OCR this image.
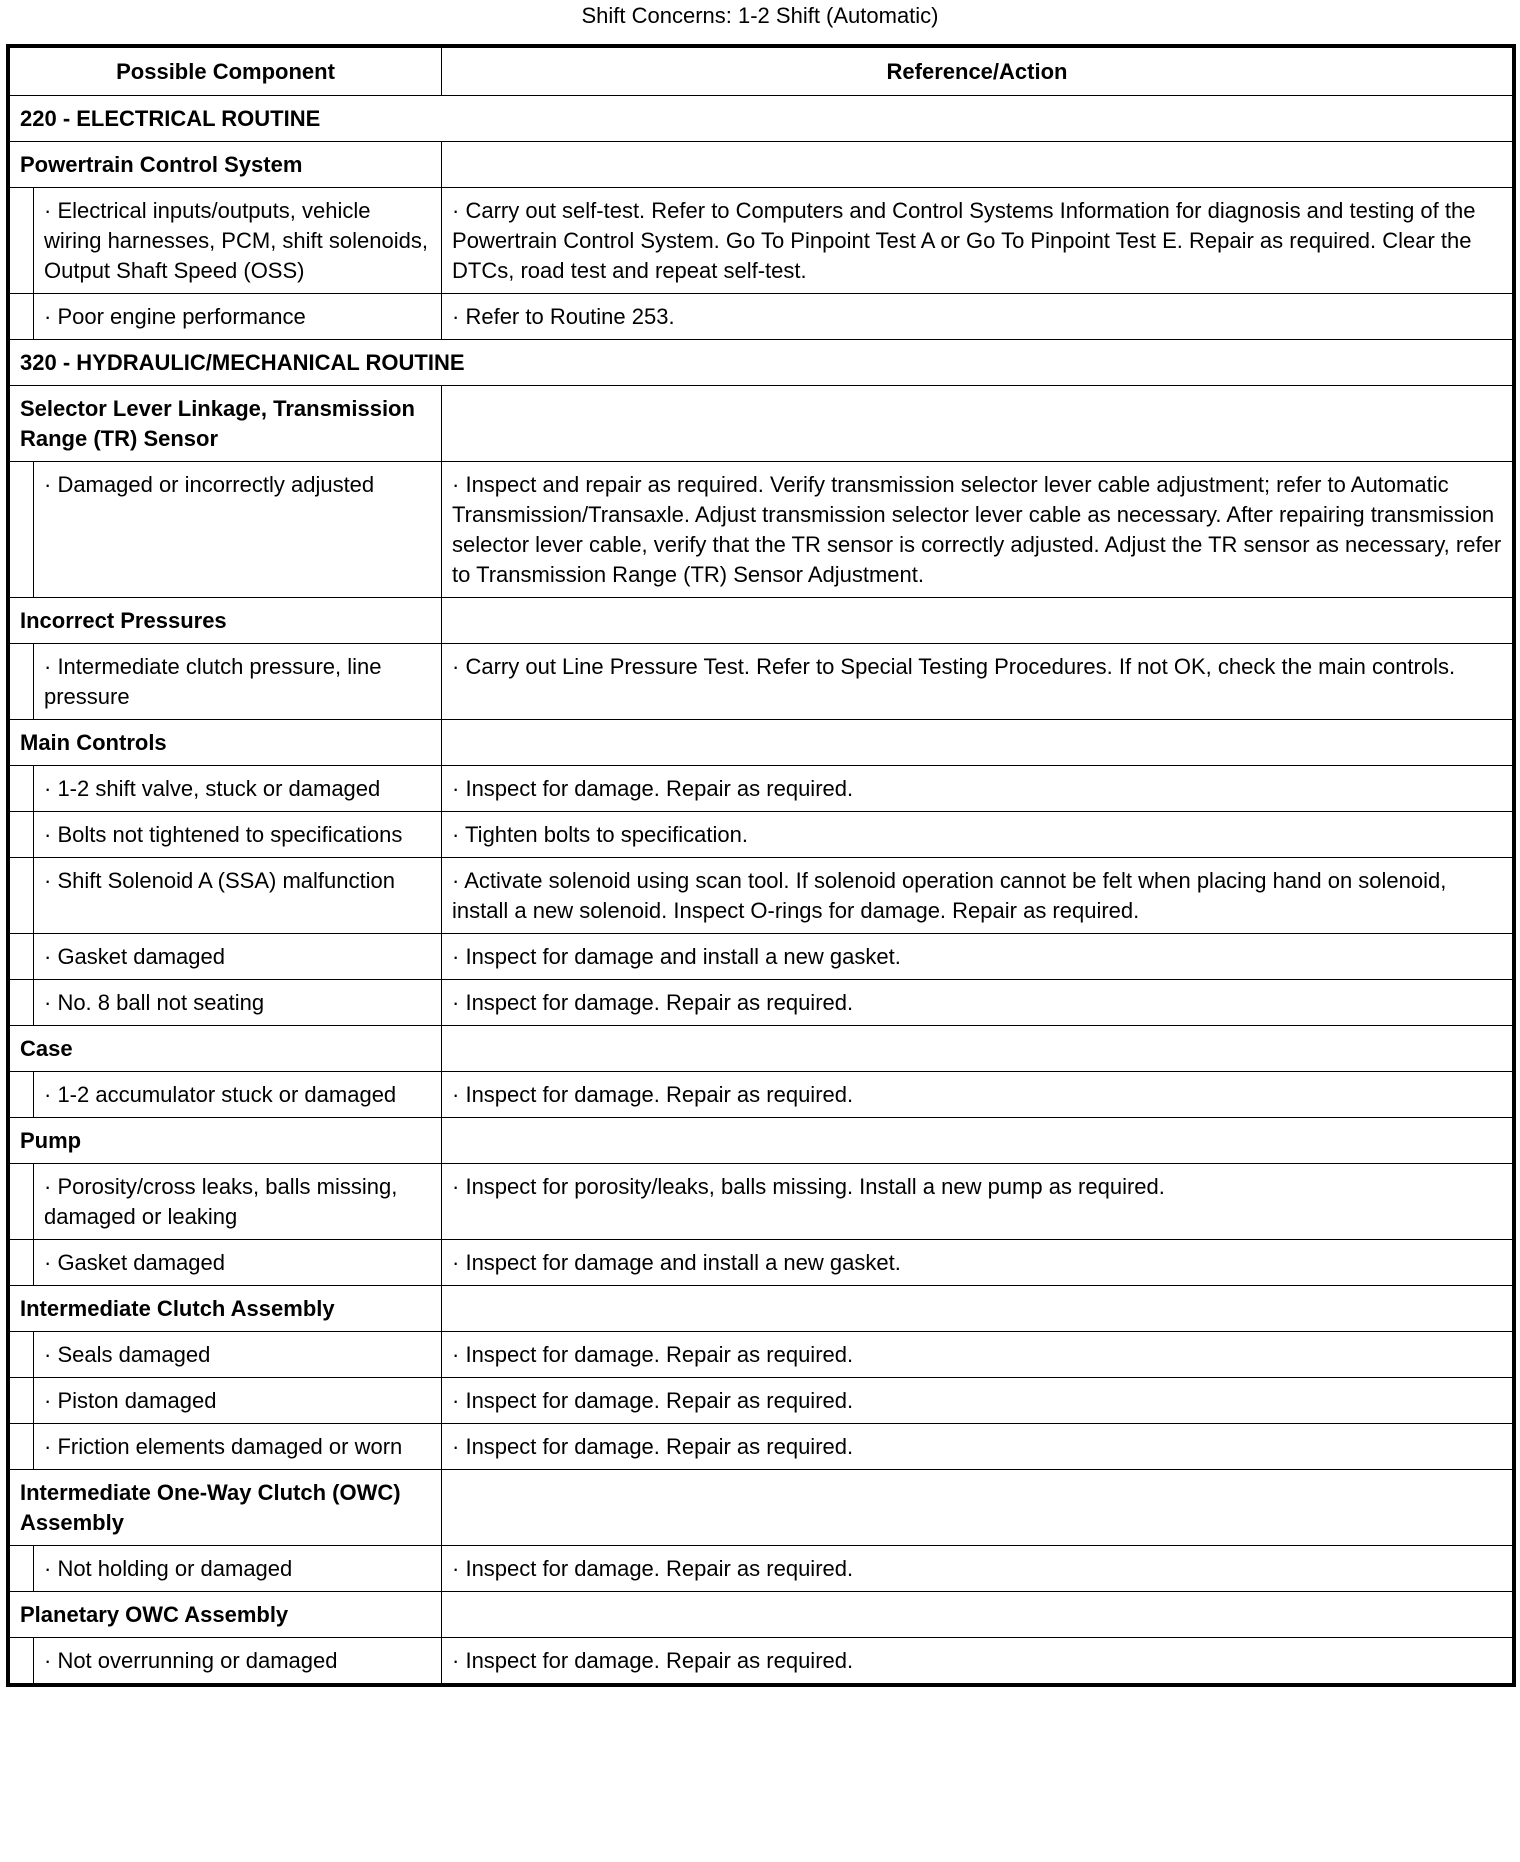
Shift Concerns: 1-2 Shift (Automatic)
Possible Component		Reference/Action
220 - ELECTRICAL ROUTINE		
Powertrain Control System		
	· Electrical inputs/outputs, vehicle wiring harnesses, PCM, shift solenoids, Output Shaft Speed (OSS)	· Carry out self-test. Refer to Computers and Control Systems Information for diagnosis and testing of the Powertrain Control System. Go To Pinpoint Test A or Go To Pinpoint Test E. Repair as required. Clear the DTCs, road test and repeat self-test.
	· Poor engine performance	· Refer to Routine 253.
320 - HYDRAULIC/MECHANICAL ROUTINE		
Selector Lever Linkage, Transmission Range (TR) Sensor		
	· Damaged or incorrectly adjusted	· Inspect and repair as required. Verify transmission selector lever cable adjustment; refer to Automatic Transmission/Transaxle. Adjust transmission selector lever cable as necessary. After repairing transmission selector lever cable, verify that the TR sensor is correctly adjusted. Adjust the TR sensor as necessary, refer to Transmission Range (TR) Sensor Adjustment.
Incorrect Pressures		
	· Intermediate clutch pressure, line pressure	· Carry out Line Pressure Test. Refer to Special Testing Procedures. If not OK, check the main controls.
Main Controls		
	· 1-2 shift valve, stuck or damaged	· Inspect for damage. Repair as required.
	· Bolts not tightened to specifications	· Tighten bolts to specification.
	· Shift Solenoid A (SSA) malfunction	· Activate solenoid using scan tool. If solenoid operation cannot be felt when placing hand on solenoid, install a new solenoid. Inspect O-rings for damage. Repair as required.
	· Gasket damaged	· Inspect for damage and install a new gasket.
	· No. 8 ball not seating	· Inspect for damage. Repair as required.
Case		
	· 1-2 accumulator stuck or damaged	· Inspect for damage. Repair as required.
Pump		
	· Porosity/cross leaks, balls missing, damaged or leaking	· Inspect for porosity/leaks, balls missing. Install a new pump as required.
	· Gasket damaged	· Inspect for damage and install a new gasket.
Intermediate Clutch Assembly		
	· Seals damaged	· Inspect for damage. Repair as required.
	· Piston damaged	· Inspect for damage. Repair as required.
	· Friction elements damaged or worn	· Inspect for damage. Repair as required.
Intermediate One-Way Clutch (OWC) Assembly		
	· Not holding or damaged	· Inspect for damage. Repair as required.
Planetary OWC Assembly		
	· Not overrunning or damaged	· Inspect for damage. Repair as required.
